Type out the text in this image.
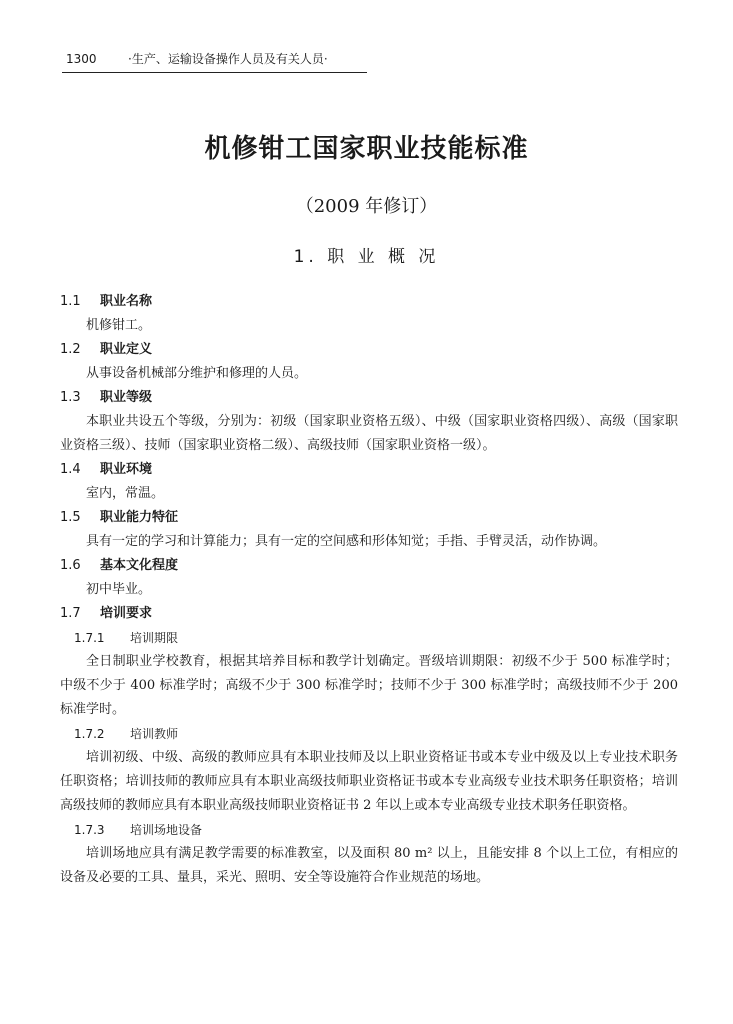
1300	·生产、运输设备操作人员及有关人员·
机修钳工国家职业技能标准
（2009 年修订）
1. 职 业 概 况
1.1 职业名称

机修钳工。

1.2 职业定义

从事设备机械部分维护和修理的人员。

1.3 职业等级

本职业共设五个等级，分别为：初级（国家职业资格五级）、中级（国家职业资格四级）、高级（国家职业资格三级）、技师（国家职业资格二级）、高级技师（国家职业资格一级）。

1.4 职业环境

室内，常温。

1.5 职业能力特征

具有一定的学习和计算能力；具有一定的空间感和形体知觉；手指、手臂灵活，动作协调。

1.6 基本文化程度

初中毕业。

1.7 培训要求
1.7.1 培训期限

全日制职业学校教育，根据其培养目标和教学计划确定。晋级培训期限：初级不少于 500 标准学时；中级不少于 400 标准学时；高级不少于 300 标准学时；技师不少于 300 标准学时；高级技师不少于 200 标准学时。

1.7.2 培训教师

培训初级、中级、高级的教师应具有本职业技师及以上职业资格证书或本专业中级及以上专业技术职务任职资格；培训技师的教师应具有本职业高级技师职业资格证书或本专业高级专业技术职务任职资格；培训高级技师的教师应具有本职业高级技师职业资格证书 2 年以上或本专业高级专业技术职务任职资格。

1.7.3 培训场地设备

培训场地应具有满足教学需要的标准教室，以及面积 80 m² 以上，且能安排 8 个以上工位，有相应的设备及必要的工具、量具，采光、照明、安全等设施符合作业规范的场地。
